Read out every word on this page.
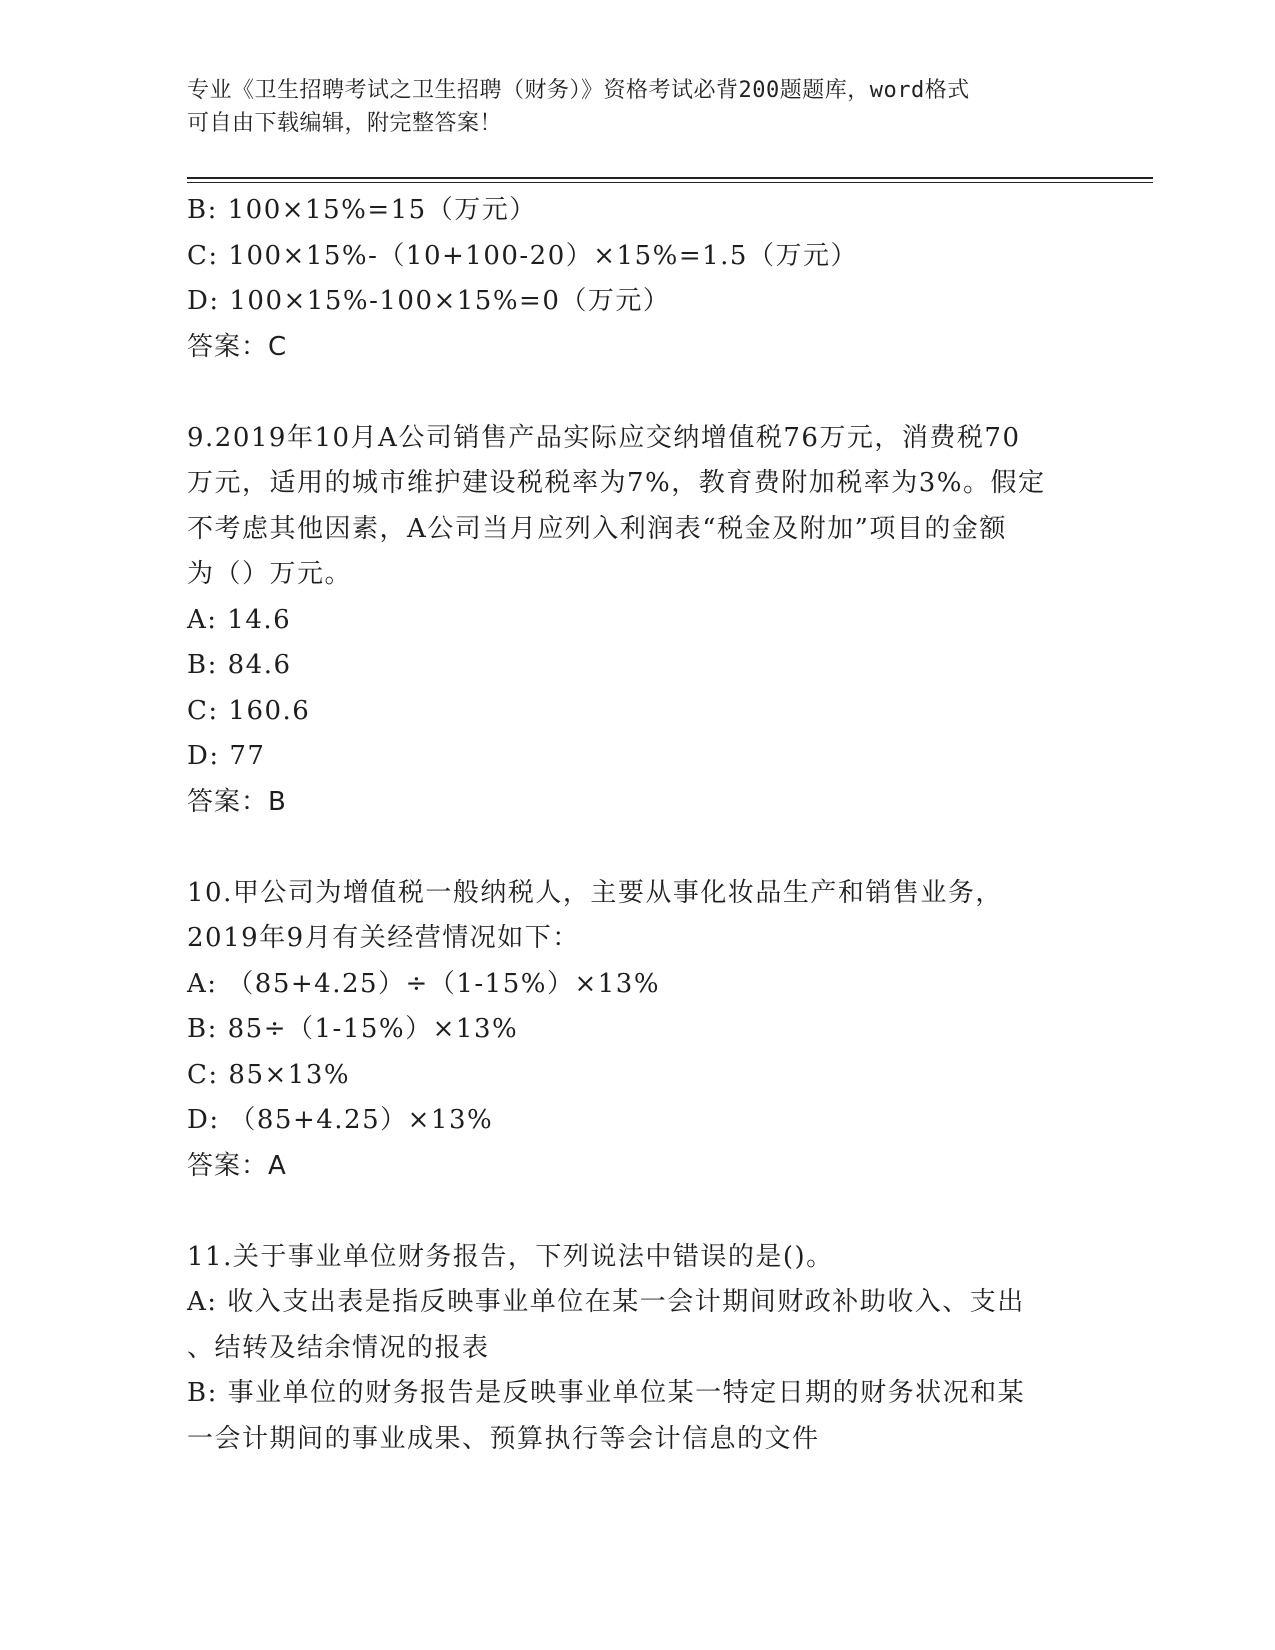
专业《卫生招聘考试之卫生招聘（财务）》资格考试必背200题题库，word格式
可自由下载编辑，附完整答案！
B: 100×15%=15（万元）
C: 100×15%-（10+100-20）×15%=1.5（万元）
D: 100×15%-100×15%=0（万元）
答案：C
9.2019年10月A公司销售产品实际应交纳增值税76万元，消费税70
万元，适用的城市维护建设税税率为7%，教育费附加税率为3%。假定
不考虑其他因素，A公司当月应列入利润表“税金及附加”项目的金额
为（）万元。
A: 14.6
B: 84.6
C: 160.6
D: 77
答案：B
10.甲公司为增值税一般纳税人，主要从事化妆品生产和销售业务，
2019年9月有关经营情况如下：
A: （85+4.25）÷（1-15%）×13%
B: 85÷（1-15%）×13%
C: 85×13%
D: （85+4.25）×13%
答案：A
11.关于事业单位财务报告，下列说法中错误的是()。
A: 收入支出表是指反映事业单位在某一会计期间财政补助收入、支出
、结转及结余情况的报表
B: 事业单位的财务报告是反映事业单位某一特定日期的财务状况和某
一会计期间的事业成果、预算执行等会计信息的文件
